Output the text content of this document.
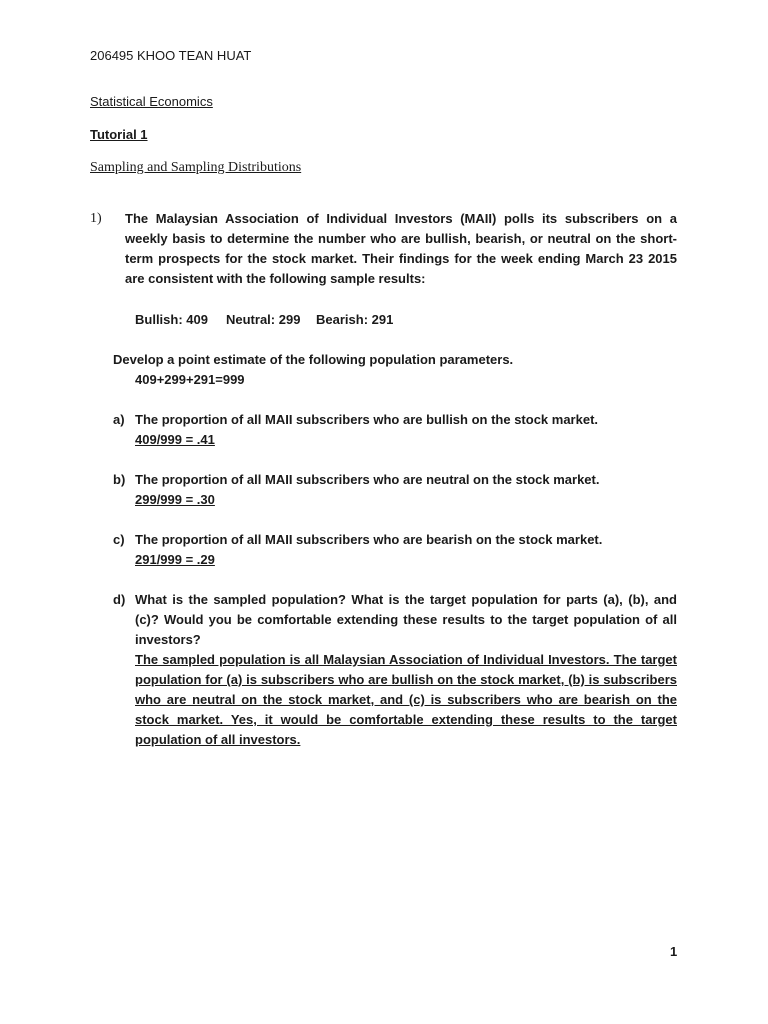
206495 KHOO TEAN HUAT
Statistical Economics
Tutorial 1
Sampling and Sampling Distributions
1) The Malaysian Association of Individual Investors (MAII) polls its subscribers on a weekly basis to determine the number who are bullish, bearish, or neutral on the short-term prospects for the stock market. Their findings for the week ending March 23 2015 are consistent with the following sample results:

Bullish: 409 Neutral: 299 Bearish: 291
Develop a point estimate of the following population parameters.
409+299+291=999
a) The proportion of all MAII subscribers who are bullish on the stock market.
409/999 = .41
b) The proportion of all MAII subscribers who are neutral on the stock market.
299/999 = .30
c) The proportion of all MAII subscribers who are bearish on the stock market.
291/999 = .29
d) What is the sampled population? What is the target population for parts (a), (b), and (c)? Would you be comfortable extending these results to the target population of all investors?

The sampled population is all Malaysian Association of Individual Investors. The target population for (a) is subscribers who are bullish on the stock market, (b) is subscribers who are neutral on the stock market, and (c) is subscribers who are bearish on the stock market. Yes, it would be comfortable extending these results to the target population of all investors.

1
